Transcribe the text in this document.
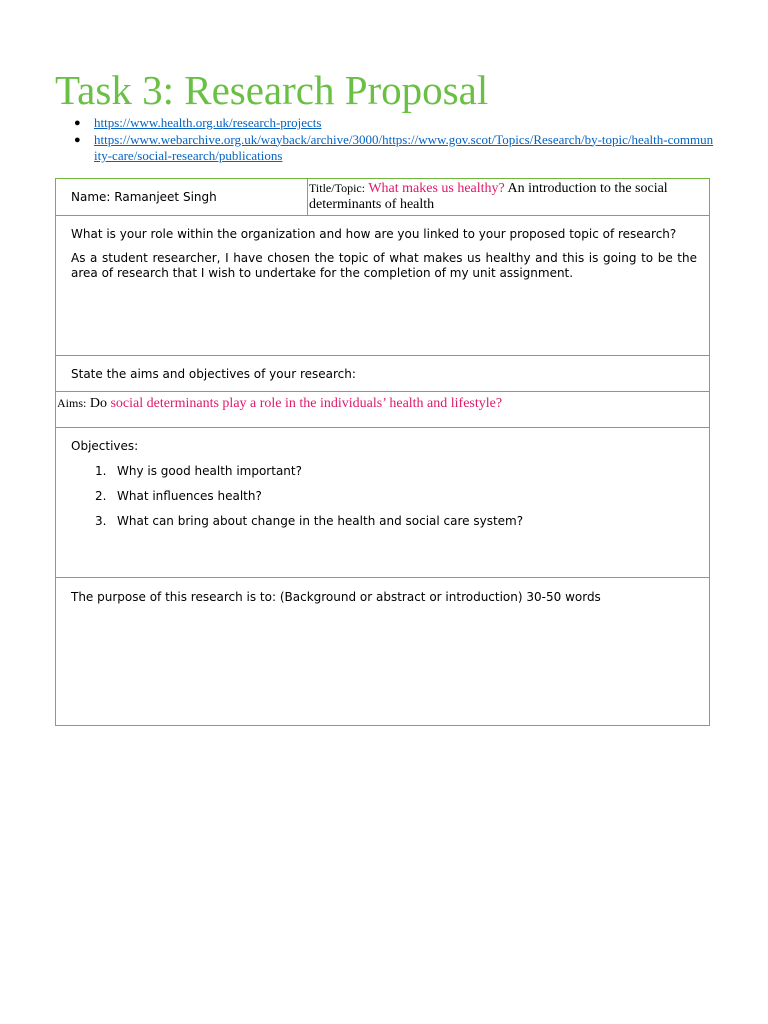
Task 3: Research Proposal
● https://www.health.org.uk/research-projects
● https://www.webarchive.org.uk/wayback/archive/3000/https://www.gov.scot/Topics/Research/by-topic/health-community-care/social-research/publications
Name: Ramanjeet Singh
Title/Topic: What makes us healthy? An introduction to the social determinants of health
What is your role within the organization and how are you linked to your proposed topic of research?
As a student researcher, I have chosen the topic of what makes us healthy and this is going to be the area of research that I wish to undertake for the completion of my unit assignment.
State the aims and objectives of your research:
Aims: Do social determinants play a role in the individuals’ health and lifestyle?
Objectives:
1. Why is good health important?
2. What influences health?
3. What can bring about change in the health and social care system?
The purpose of this research is to: (Background or abstract or introduction) 30-50 words
